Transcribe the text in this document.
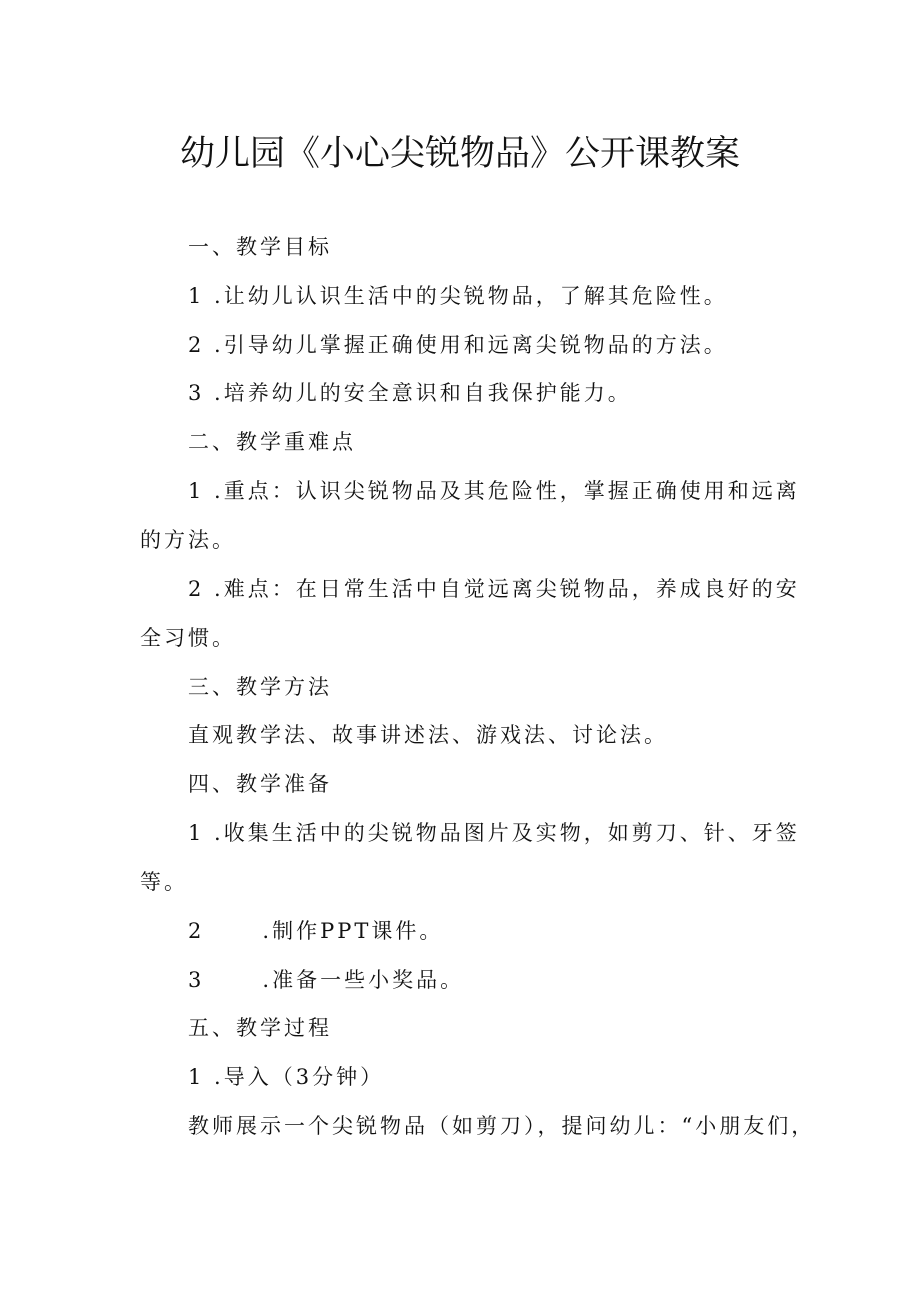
幼儿园《小心尖锐物品》公开课教案

一、教学目标

1 .让幼儿认识生活中的尖锐物品，了解其危险性。

2 .引导幼儿掌握正确使用和远离尖锐物品的方法。

3 .培养幼儿的安全意识和自我保护能力。

二、教学重难点

1 .重点：认识尖锐物品及其危险性，掌握正确使用和远离

的方法。

2 .难点：在日常生活中自觉远离尖锐物品，养成良好的安

全习惯。

三、教学方法

直观教学法、故事讲述法、游戏法、讨论法。

四、教学准备

1 .收集生活中的尖锐物品图片及实物，如剪刀、针、牙签

等。

2      .制作PPT课件。

3      .准备一些小奖品。

五、教学过程

1 .导入（3分钟）

教师展示一个尖锐物品（如剪刀），提问幼儿：“小朋友们，
